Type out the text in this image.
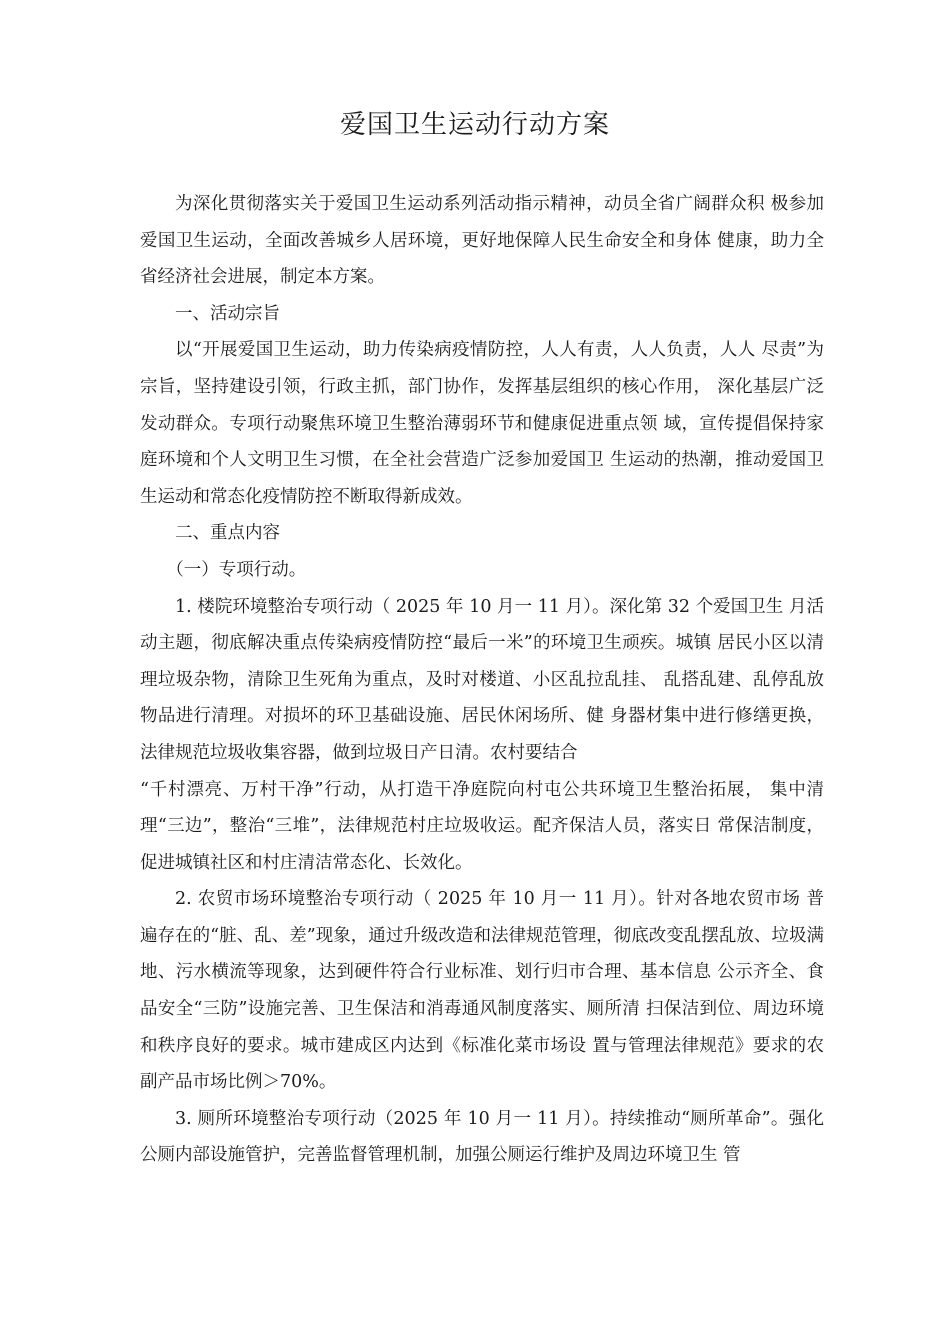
爱国卫生运动行动方案

为深化贯彻落实关于爱国卫生运动系列活动指示精神，动员全省广阔群众积 极参加爱国卫生运动，全面改善城乡人居环境，更好地保障人民生命安全和身体 健康，助力全省经济社会进展，制定本方案。

一、活动宗旨

以“开展爱国卫生运动，助力传染病疫情防控，人人有责，人人负责，人人 尽责”为宗旨，坚持建设引领，行政主抓，部门协作，发挥基层组织的核心作用， 深化基层广泛发动群众。专项行动聚焦环境卫生整治薄弱环节和健康促进重点领 域，宣传提倡保持家庭环境和个人文明卫生习惯，在全社会营造广泛参加爱国卫 生运动的热潮，推动爱国卫生运动和常态化疫情防控不断取得新成效。

二、重点内容

（一）专项行动。

1. 楼院环境整治专项行动（ 2025 年 10 月一 11 月）。深化第 32 个爱国卫生 月活动主题，彻底解决重点传染病疫情防控“最后一米”的环境卫生顽疾。城镇 居民小区以清理垃圾杂物，清除卫生死角为重点，及时对楼道、小区乱拉乱挂、 乱搭乱建、乱停乱放物品进行清理。对损坏的环卫基础设施、居民休闲场所、健 身器材集中进行修缮更换，法律规范垃圾收集容器，做到垃圾日产日清。农村要结合

“千村漂亮、万村干净”行动，从打造干净庭院向村屯公共环境卫生整治拓展， 集中清理“三边”，整治“三堆”，法律规范村庄垃圾收运。配齐保洁人员，落实日 常保洁制度，促进城镇社区和村庄清洁常态化、长效化。

2. 农贸市场环境整治专项行动（ 2025 年 10 月一 11 月）。针对各地农贸市场 普遍存在的“脏、乱、差”现象，通过升级改造和法律规范管理，彻底改变乱摆乱放、垃圾满地、污水横流等现象，达到硬件符合行业标准、划行归市合理、基本信息 公示齐全、食品安全“三防”设施完善、卫生保洁和消毒通风制度落实、厕所清 扫保洁到位、周边环境和秩序良好的要求。城市建成区内达到《标准化菜市场设 置与管理法律规范》要求的农副产品市场比例＞70%。

3. 厕所环境整治专项行动（2025 年 10 月一 11 月）。持续推动“厕所革命”。强化公厕内部设施管护，完善监督管理机制，加强公厕运行维护及周边环境卫生 管
